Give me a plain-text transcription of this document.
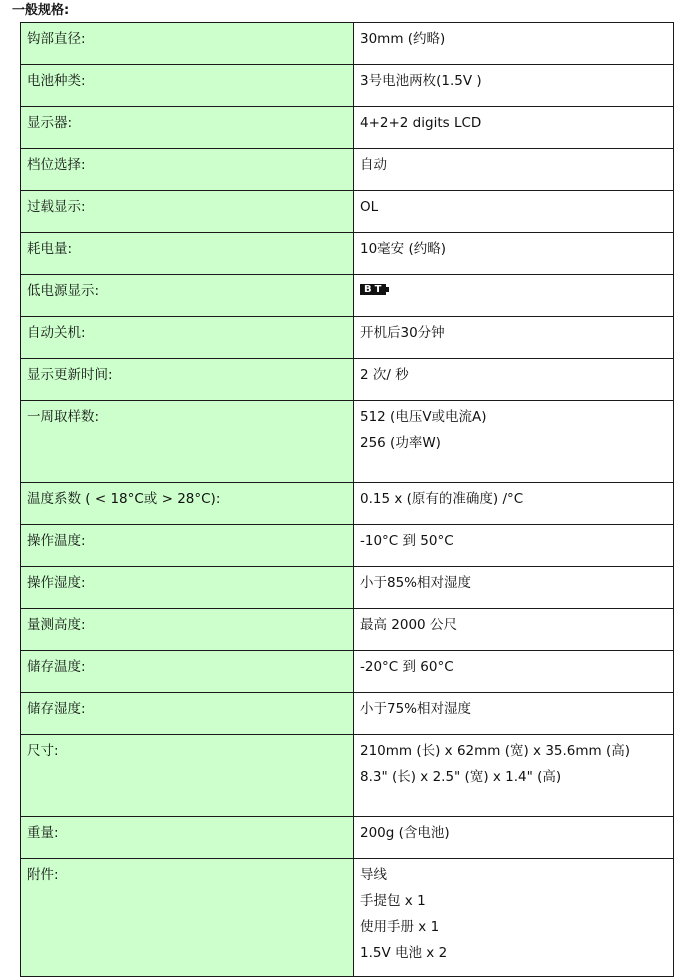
一般规格:
钩部直径:	30mm (约略)

电池种类:	3号电池两枚(1.5V )

显示器:	4+2+2 digits LCD

档位选择:	自动

过载显示:	OL

耗电量:	10毫安 (约略)

低电源显示:	BT
自动关机:	开机后30分钟

显示更新时间:	2 次/ 秒

一周取样数:	512 (电压V或电流A)
256 (功率W)

温度系数 ( < 18°C或 > 28°C):	0.15 x (原有的准确度) /°C

操作温度:	-10°C 到 50°C

操作湿度:	小于85%相对湿度

量测高度:	最高 2000 公尺

储存温度:	-20°C 到 60°C

储存湿度:	小于75%相对湿度

尺寸:	210mm (长) x 62mm (宽) x 35.6mm (高)
8.3" (长) x 2.5" (宽) x 1.4" (高)

重量:	200g (含电池)

附件:	导线
手提包 x 1
使用手册 x 1
1.5V 电池 x 2
